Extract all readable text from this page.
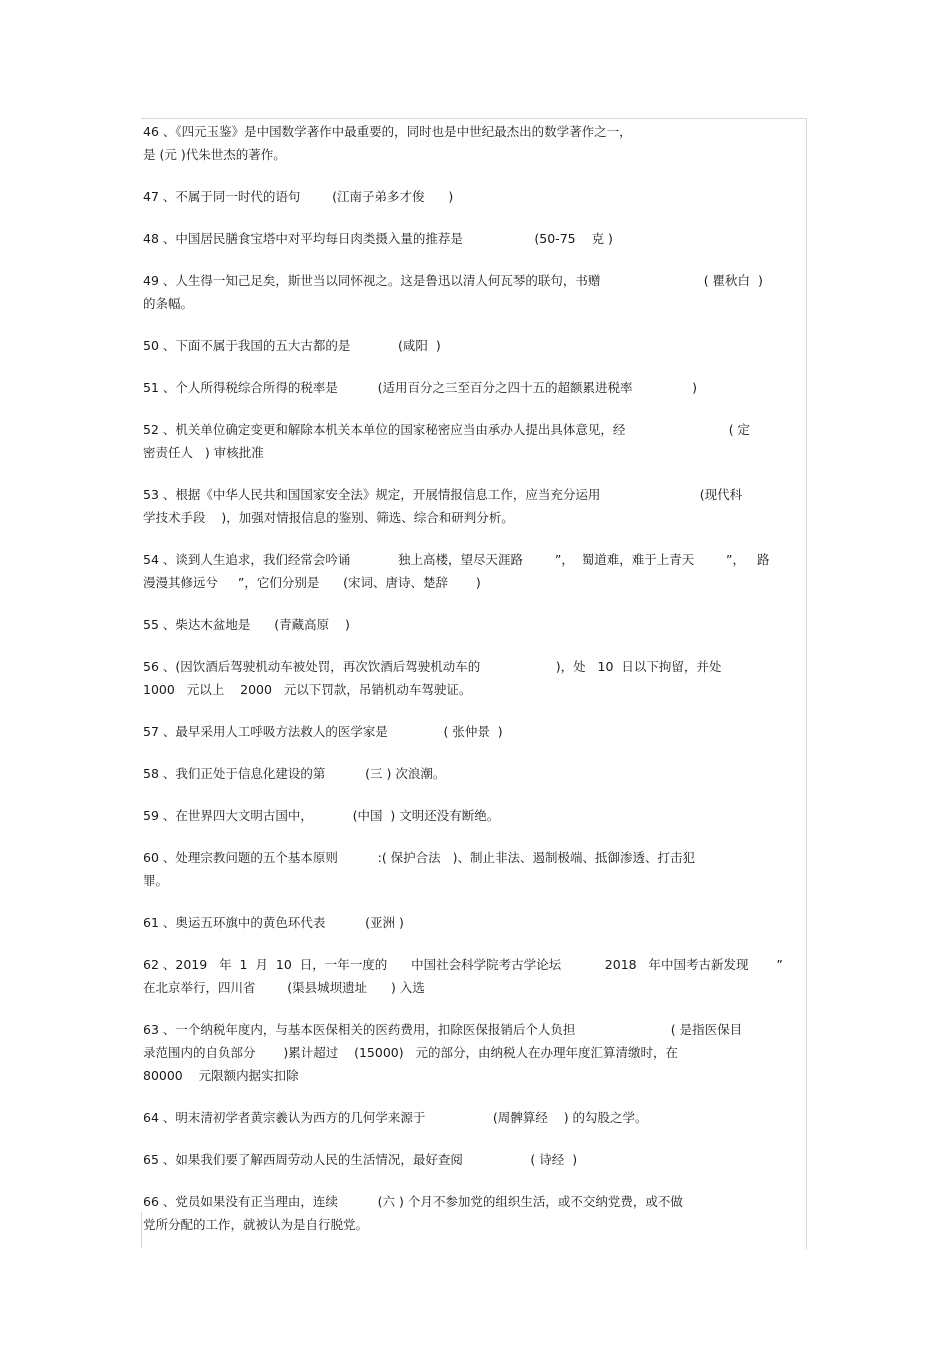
46 、《四元玉鉴》是中国数学著作中最重要的，同时也是中世纪最杰出的数学著作之一，
是 (元 )代朱世杰的著作。

47 、不属于同一时代的语句        (江南子弟多才俊      )

48 、中国居民膳食宝塔中对平均每日肉类摄入量的推荐是                  (50-75    克 )

49 、人生得一知己足矣，斯世当以同怀视之。这是鲁迅以清人何瓦琴的联句，书赠                          ( 瞿秋白  )
的条幅。

50 、下面不属于我国的五大古都的是            (咸阳  )

51 、个人所得税综合所得的税率是          (适用百分之三至百分之四十五的超额累进税率               )

52 、机关单位确定变更和解除本机关本单位的国家秘密应当由承办人提出具体意见，经                          ( 定
密责任人   ) 审核批准

53 、根据《中华人民共和国国家安全法》规定，开展情报信息工作，应当充分运用                         (现代科
学技术手段    )，加强对情报信息的鉴别、筛选、综合和研判分析。

54 、谈到人生追求，我们经常会吟诵            独上高楼，望尽天涯路        ”，  蜀道难，难于上青天        ”，   路
漫漫其修远兮     ”，它们分别是      (宋词、唐诗、楚辞       )

55 、柴达木盆地是      (青藏高原    )

56 、(因饮酒后驾驶机动车被处罚，再次饮酒后驾驶机动车的                   )，处   10  日以下拘留，并处
1000   元以上    2000   元以下罚款，吊销机动车驾驶证。

57 、最早采用人工呼吸方法救人的医学家是              ( 张仲景  )

58 、我们正处于信息化建设的第          (三 ) 次浪潮。

59 、在世界四大文明古国中，          (中国  ) 文明还没有断绝。

60 、处理宗教问题的五个基本原则          :( 保护合法   )、制止非法、遏制极端、抵御渗透、打击犯
罪。

61 、奥运五环旗中的黄色环代表          (亚洲 )

62 、2019   年  1  月  10  日，一年一度的      中国社会科学院考古学论坛           2018   年中国考古新发现       ”
在北京举行，四川省        (渠县城坝遗址      ) 入选

63 、一个纳税年度内，与基本医保相关的医药费用，扣除医保报销后个人负担                        ( 是指医保目
录范围内的自负部分       )累计超过    (15000)   元的部分，由纳税人在办理年度汇算清缴时，在
80000    元限额内据实扣除

64 、明末清初学者黄宗羲认为西方的几何学来源于                 (周髀算经    ) 的勾股之学。

65 、如果我们要了解西周劳动人民的生活情况，最好查阅                 ( 诗经  )

66 、党员如果没有正当理由，连续          (六 ) 个月不参加党的组织生活，或不交纳党费，或不做
党所分配的工作，就被认为是自行脱党。
